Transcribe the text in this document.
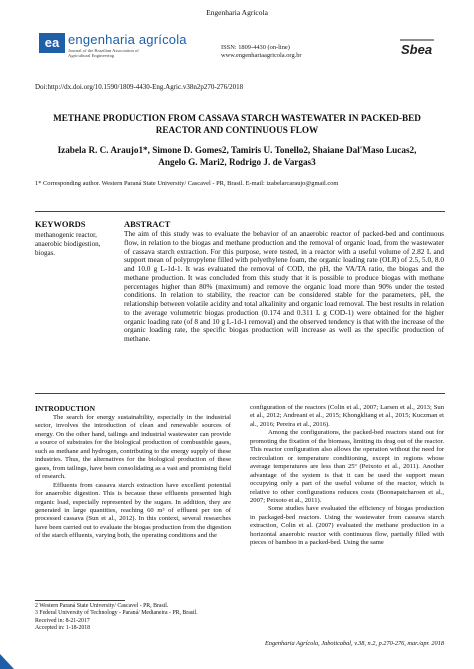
Engenharia Agrícola
ea engenharia agrícola
Journal of the Brazilian Association of Agricultural Engineering
ISSN: 1809-4430 (on-line)
www.engenhariaagricola.org.br	Sbea
Doi:http://dx.doi.org/10.1590/1809-4430-Eng.Agric.v38n2p270-276/2018
METHANE PRODUCTION FROM CASSAVA STARCH WASTEWATER IN PACKED-BED
REACTOR AND CONTINUOUS FLOW
Izabela R. C. Araujo1*, Simone D. Gomes2, Tamiris U. Tonello2, Shaiane Dal'Maso Lucas2,
Angelo G. Mari2, Rodrigo J. de Vargas3
1* Corresponding author. Western Paraná State University/ Cascavel - PR, Brasil. E-mail: izabelarcaraujo@gmail.com
KEYWORDS
methanogenic reactor, anaerobic biodigestion, biogas.
ABSTRACT
The aim of this study was to evaluate the behavior of an anaerobic reactor of packed-bed and continuous flow, in relation to the biogas and methane production and the removal of organic load, from the wastewater of cassava starch extraction. For this purpose, were tested, in a reactor with a useful volume of 2.82 L and support mean of polypropylene filled with polyethylene foam, the organic loading rate (OLR) of 2.5, 5.0, 8.0 and 10.0 g L-1d-1. It was evaluated the removal of COD, the pH, the VA/TA ratio, the biogas and the methane production. It was concluded from this study that it is possible to produce biogas with methane percentages higher than 80% (maximum) and remove the organic load more than 90% under the tested conditions. In relation to stability, the reactor can be considered stable for the parameters, pH, the relationship between volatile acidity and total alkalinity and organic load removal. The best results in relation to the average volumetric biogas production (0.174 and 0.311 L g COD-1) were obtained for the higher organic loading rate (of 8 and 10 g L-1d-1 removal) and the observed tendency is that with the increase of the organic loading rate, the specific biogas production will increase as well as the specific production of methane.
INTRODUCTION

The search for energy sustainability, especially in the industrial sector, involves the introduction of clean and renewable sources of energy. On the other hand, tailings and industrial wastewater can provide a source of substrates for the biological production of combustible gases, such as methane and hydrogen, contributing to the energy supply of these industries. Thus, the alternatives for the biological production of these gases, from tailings, have been consolidating as a vast and promising field of research.

Effluents from cassava starch extraction have excellent potential for anaerobic digestion. This is because these effluents presented high organic load, especially represented by the sugars. In addition, they are generated in large quantities, reaching 60 m³ of effluent per ton of processed cassava (Sun et al., 2012). In this context, several researches have been carried out to evaluate the biogas production from the digestion of the starch effluents, varying both, the operating conditions and the

configuration of the reactors (Colin et al., 2007; Larsen et al., 2013; Sun et al., 2012; Andreani et al., 2015; Khongkliang et al., 2015; Kuczman et al., 2016; Pereira et al., 2016).

Among the configurations, the packed-bed reactors stand out for promoting the fixation of the biomass, limiting its drag out of the reactor. This reactor configuration also allows the operation without the need for recirculation or temperature conditioning, except in regions whose average temperatures are less than 25º (Peixoto et al., 2011). Another advantage of the system is that it can be used the support mean occupying only a part of the useful volume of the reactor, which is relative to other configurations reduces costs (Boonapatcharoen et al., 2007; Peixoto et al., 2011).

Some studies have evaluated the efficiency of biogas production in packaged-bed reactors. Using the wastewater from cassava starch extraction, Colin et al. (2007) evaluated the methane production in a horizontal anaerobic reactor with continuous flow, partially filled with pieces of bamboo in a packed-bed. Using the same

2 Western Paraná State University/ Cascavel - PR, Brasil.
3 Federal University of Technology - Paraná/ Medianeira - PR, Brasil.
Received in: 8-21-2017
Accepted in: 1-18-2018
Engenharia Agrícola, Jaboticabal, v.38, n.2, p.270-276, mar./apr. 2018
